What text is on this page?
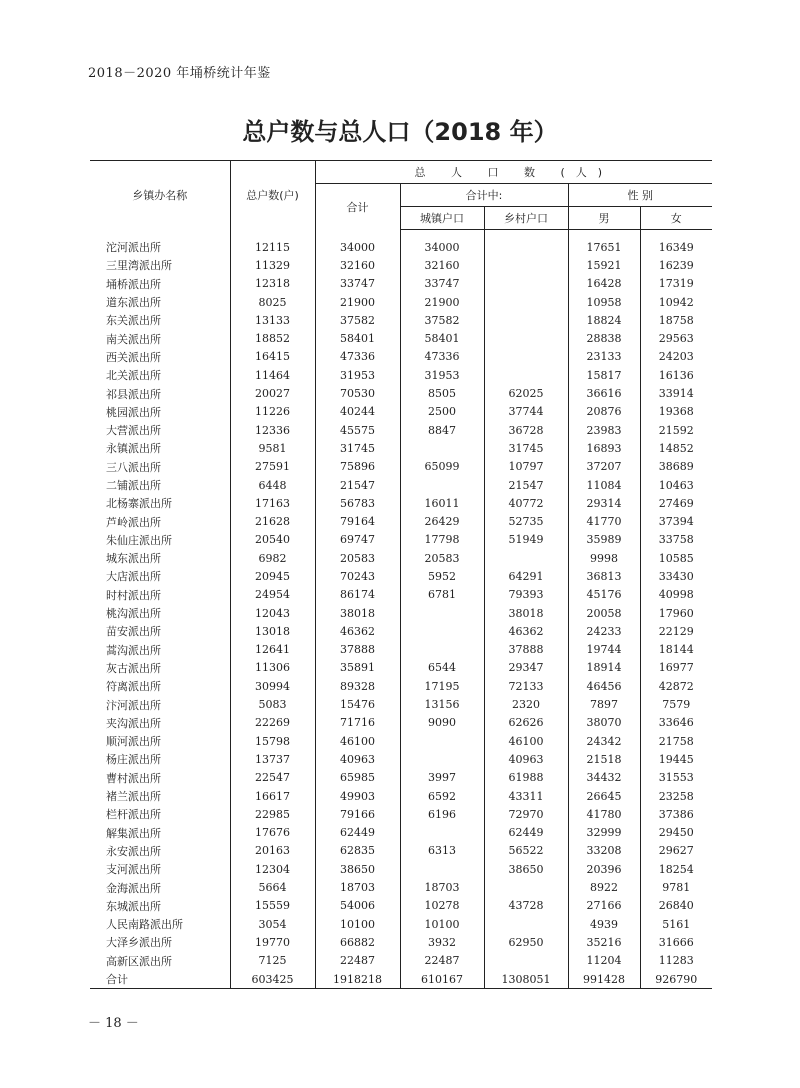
2018－2020 年埇桥统计年鉴
总户数与总人口（2018 年）
乡镇办名称	总户数(户)	总 人 口 数 (人)				
		合计	合计中:		性 别	
			城镇户口	乡村户口	男	女

沱河派出所	12115	34000	34000		17651	16349
三里湾派出所	11329	32160	32160		15921	16239
埇桥派出所	12318	33747	33747		16428	17319
道东派出所	8025	21900	21900		10958	10942
东关派出所	13133	37582	37582		18824	18758
南关派出所	18852	58401	58401		28838	29563
西关派出所	16415	47336	47336		23133	24203
北关派出所	11464	31953	31953		15817	16136
祁县派出所	20027	70530	8505	62025	36616	33914
桃园派出所	11226	40244	2500	37744	20876	19368
大营派出所	12336	45575	8847	36728	23983	21592
永镇派出所	9581	31745		31745	16893	14852
三八派出所	27591	75896	65099	10797	37207	38689
二铺派出所	6448	21547		21547	11084	10463
北杨寨派出所	17163	56783	16011	40772	29314	27469
芦岭派出所	21628	79164	26429	52735	41770	37394
朱仙庄派出所	20540	69747	17798	51949	35989	33758
城东派出所	6982	20583	20583		9998	10585
大店派出所	20945	70243	5952	64291	36813	33430
时村派出所	24954	86174	6781	79393	45176	40998
桃沟派出所	12043	38018		38018	20058	17960
苗安派出所	13018	46362		46362	24233	22129
蒿沟派出所	12641	37888		37888	19744	18144
灰古派出所	11306	35891	6544	29347	18914	16977
符离派出所	30994	89328	17195	72133	46456	42872
汴河派出所	5083	15476	13156	2320	7897	7579
夹沟派出所	22269	71716	9090	62626	38070	33646
顺河派出所	15798	46100		46100	24342	21758
杨庄派出所	13737	40963		40963	21518	19445
曹村派出所	22547	65985	3997	61988	34432	31553
褚兰派出所	16617	49903	6592	43311	26645	23258
栏杆派出所	22985	79166	6196	72970	41780	37386
解集派出所	17676	62449		62449	32999	29450
永安派出所	20163	62835	6313	56522	33208	29627
支河派出所	12304	38650		38650	20396	18254
金海派出所	5664	18703	18703		8922	9781
东城派出所	15559	54006	10278	43728	27166	26840
人民南路派出所	3054	10100	10100		4939	5161
大泽乡派出所	19770	66882	3932	62950	35216	31666
高新区派出所	7125	22487	22487		11204	11283
合计	603425	1918218	610167	1308051	991428	926790
－ 18 －
